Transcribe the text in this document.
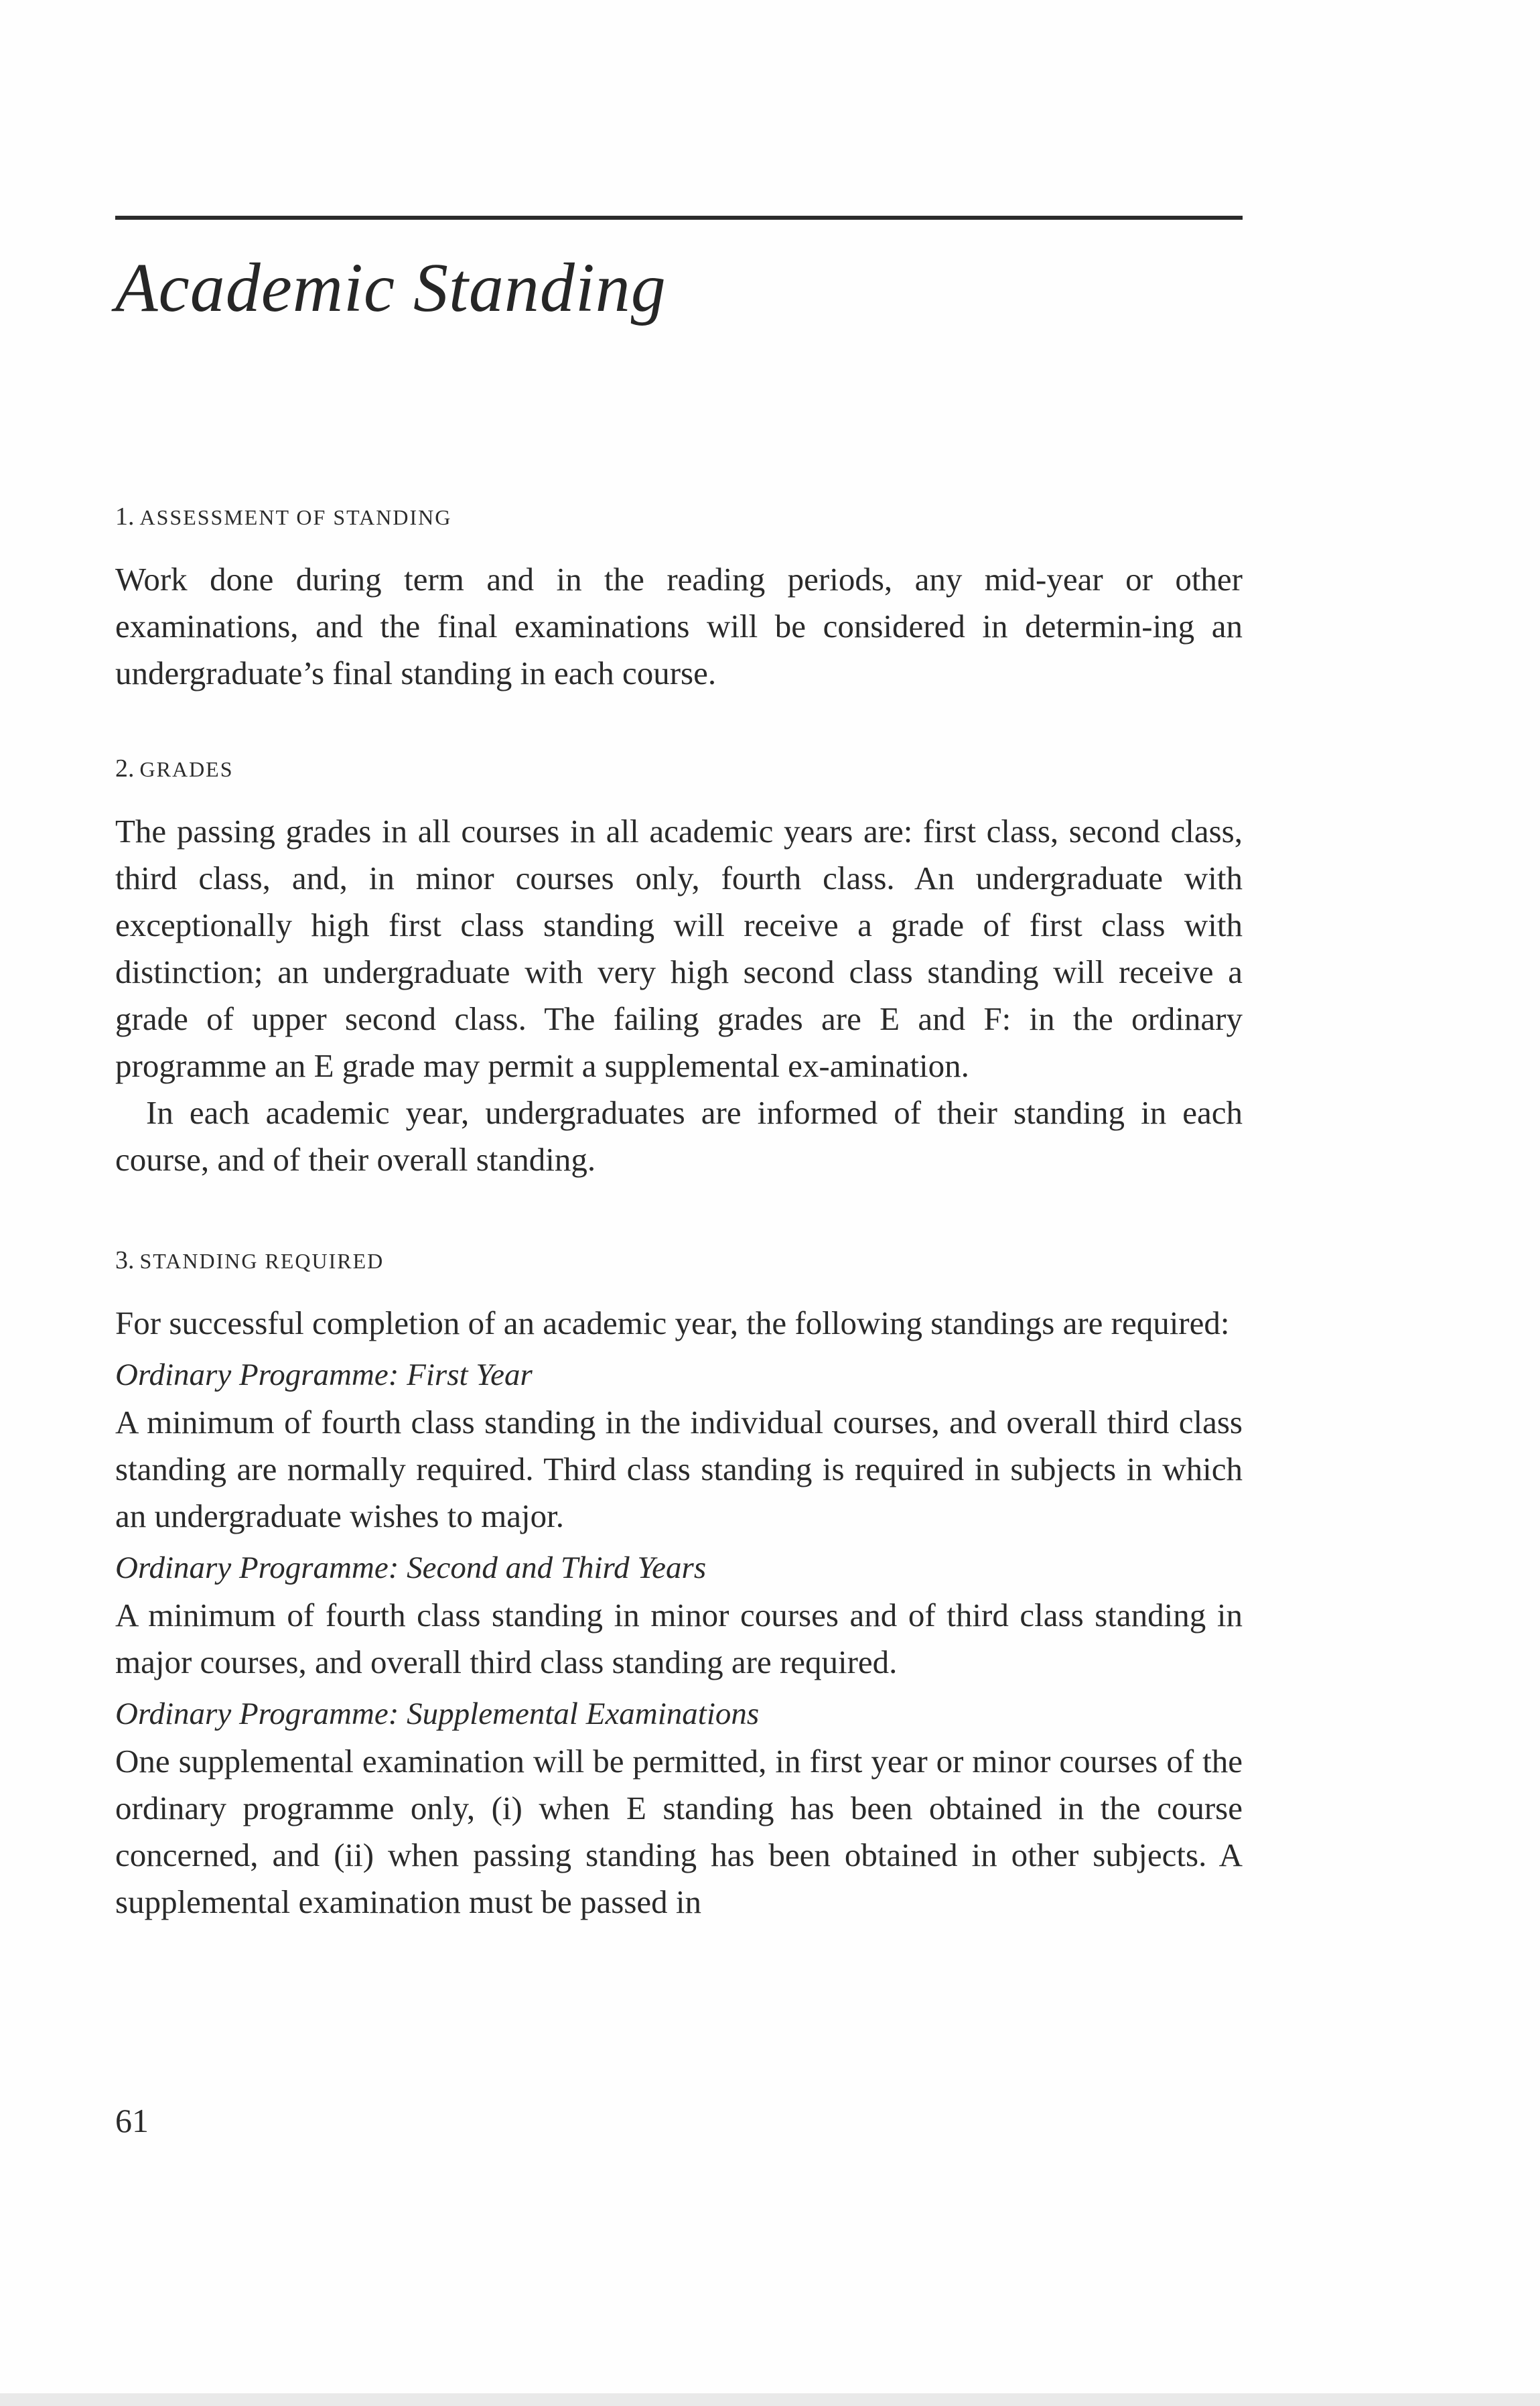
Academic Standing

1. ASSESSMENT OF STANDING

Work done during term and in the reading periods, any mid-year or other examinations, and the final examinations will be considered in determin-ing an undergraduate’s final standing in each course.

2. GRADES

The passing grades in all courses in all academic years are: first class, second class, third class, and, in minor courses only, fourth class. An undergraduate with exceptionally high first class standing will receive a grade of first class with distinction; an undergraduate with very high second class standing will receive a grade of upper second class. The failing grades are E and F: in the ordinary programme an E grade may permit a supplemental ex-amination.

In each academic year, undergraduates are informed of their standing in each course, and of their overall standing.

3. STANDING REQUIRED

For successful completion of an academic year, the following standings are required:

Ordinary Programme: First Year

A minimum of fourth class standing in the individual courses, and overall third class standing are normally required. Third class standing is required in subjects in which an undergraduate wishes to major.

Ordinary Programme: Second and Third Years

A minimum of fourth class standing in minor courses and of third class standing in major courses, and overall third class standing are required.

Ordinary Programme: Supplemental Examinations

One supplemental examination will be permitted, in first year or minor courses of the ordinary programme only, (i) when E standing has been obtained in the course concerned, and (ii) when passing standing has been obtained in other subjects. A supplemental examination must be passed in

61
